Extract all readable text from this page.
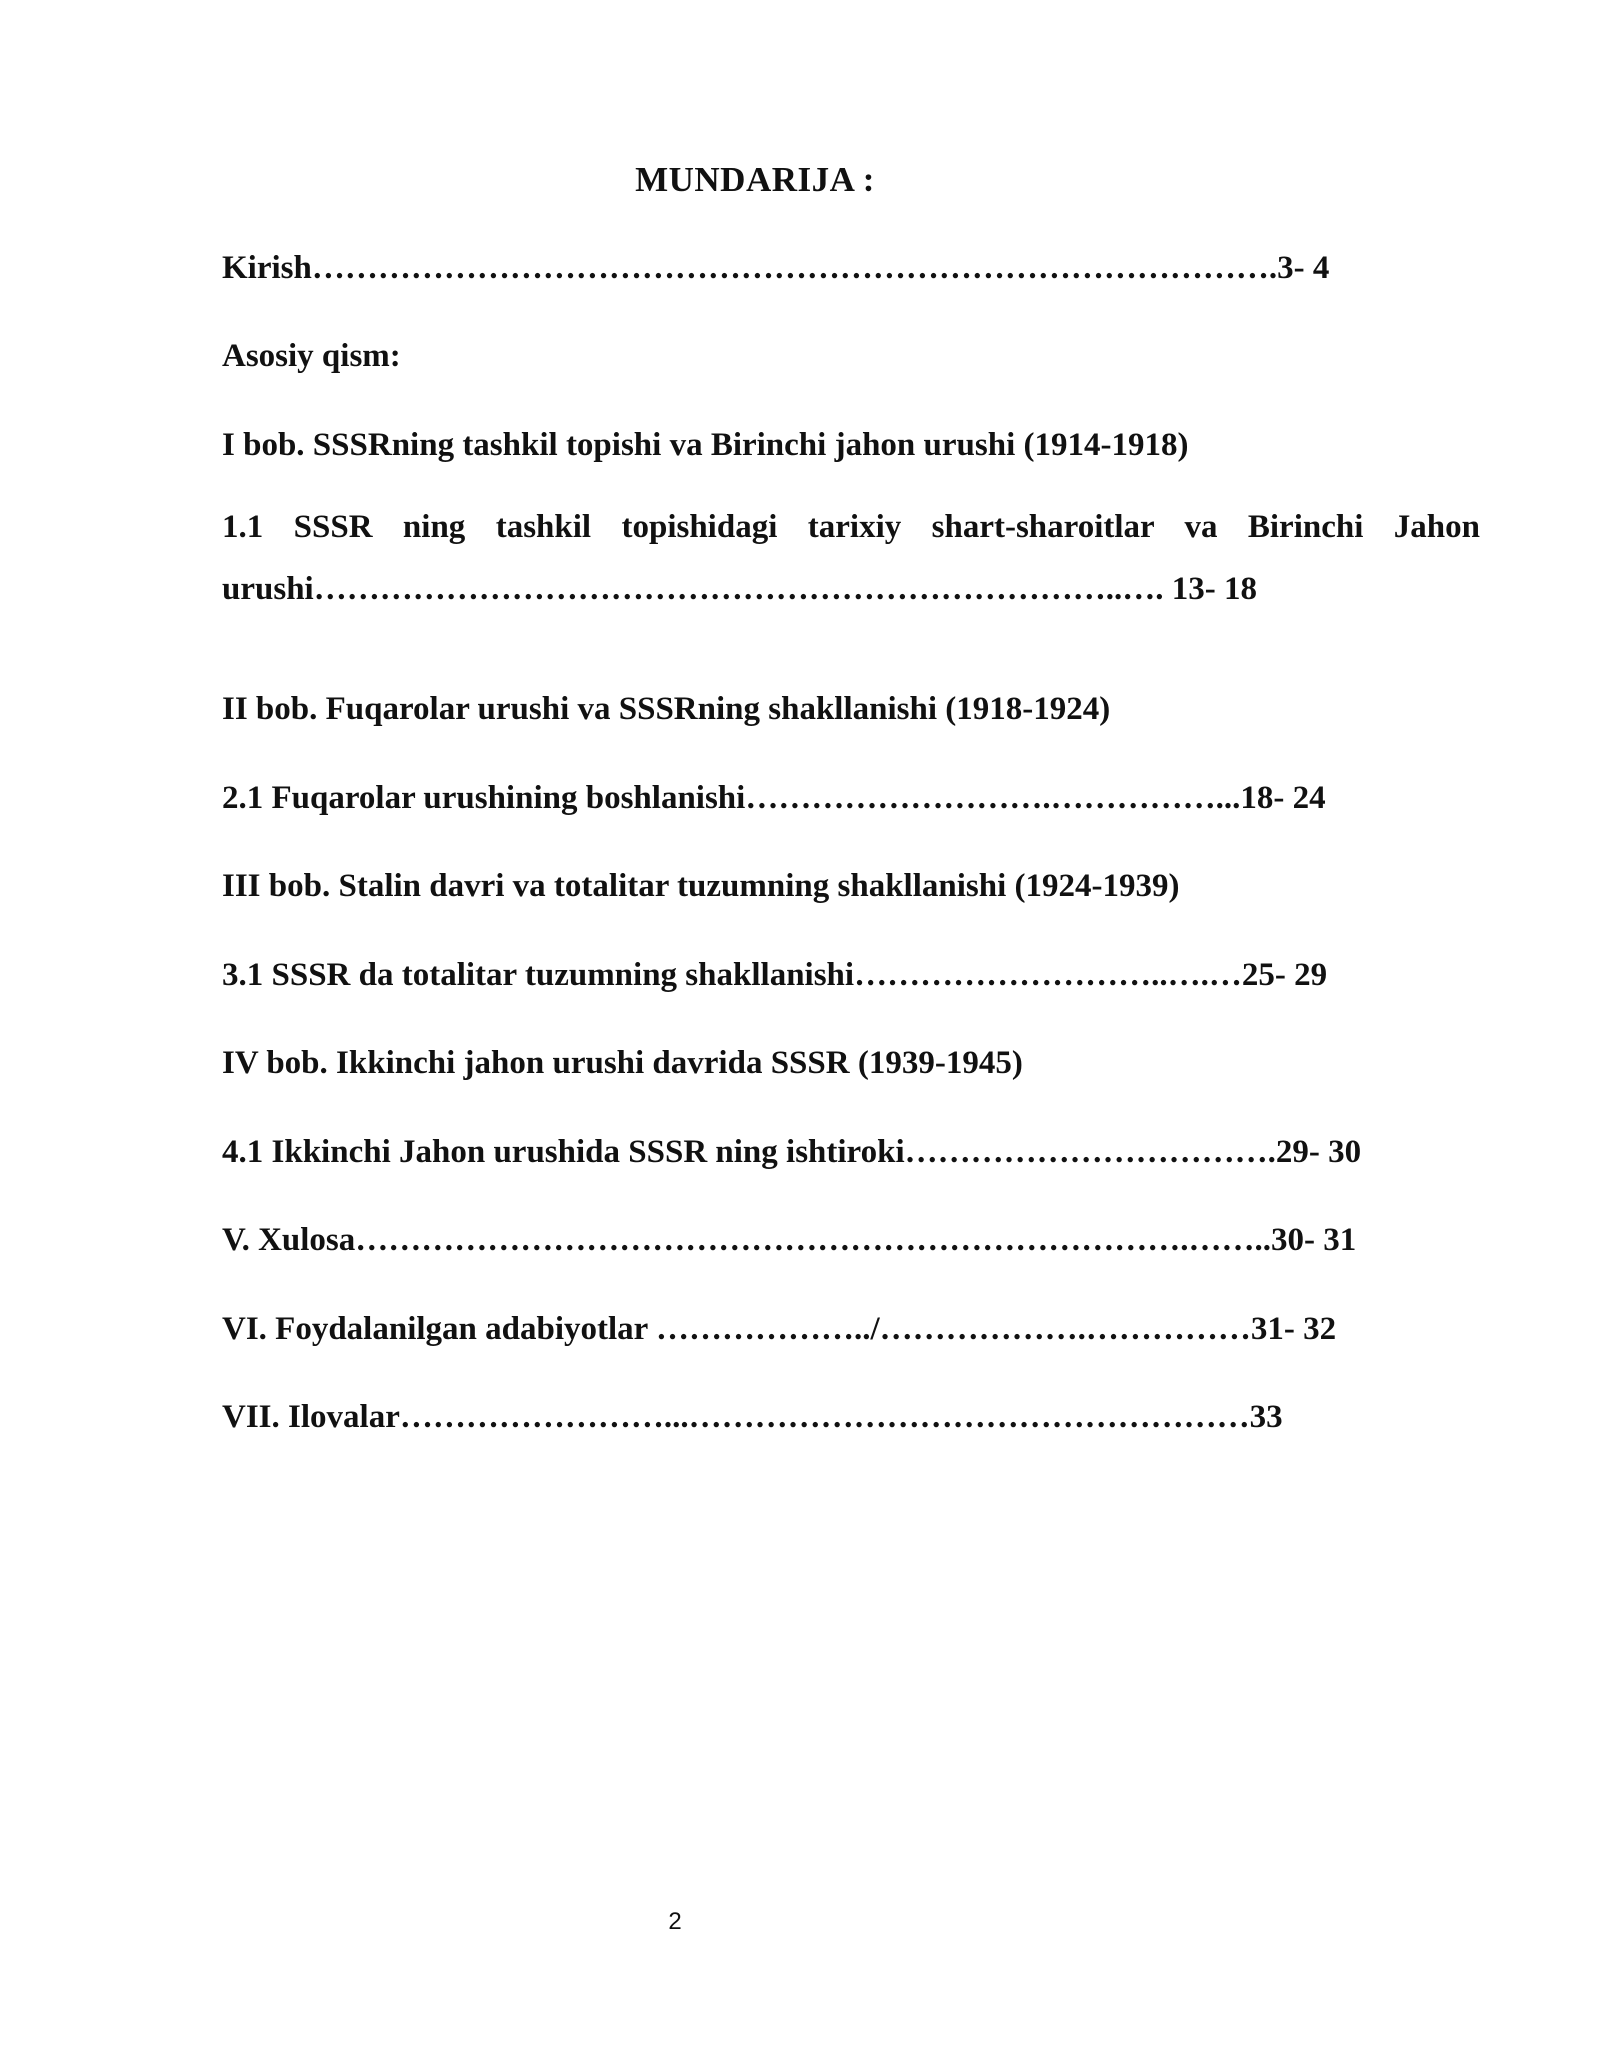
MUNDARIJA :
Kirish…………………………………………………………………………….3- 4
Asosiy qism:
I bob. SSSRning tashkil topishi va Birinchi jahon urushi (1914-1918)
1.1 SSSR ning tashkil topishidagi tarixiy shart-sharoitlar va Birinchi Jahon urushi………………………………………………………………..…. 13- 18
II bob. Fuqarolar urushi va SSSRning shakllanishi (1918-1924)
2.1 Fuqarolar urushining boshlanishi……………………….……………...18- 24
III bob. Stalin davri va totalitar tuzumning shakllanishi (1924-1939)
3.1 SSSR da totalitar tuzumning shakllanishi………………………..….…25- 29
IV bob. Ikkinchi jahon urushi davrida SSSR (1939-1945)
4.1 Ikkinchi Jahon urushida SSSR ning ishtiroki…………………………….29- 30
V. Xulosa………………………………………………………………….……..30- 31
VI. Foydalanilgan adabiyotlar ………………../……………….……………31- 32
VII. Ilovalar……………………...……………………………………………33
2
